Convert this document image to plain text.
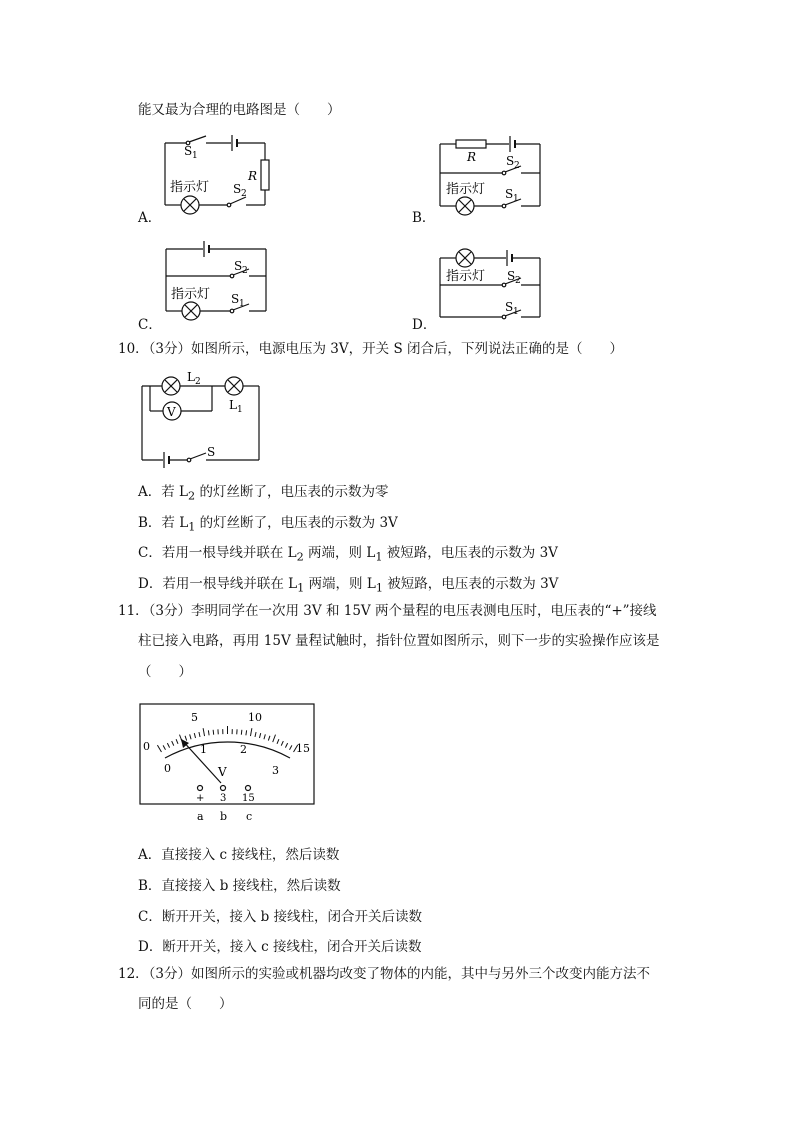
能又最为合理的电路图是（　　）
A．
S 1
R
指示灯 S 2
B．
R S 2
指示灯 S 1
C．
S 2
指示灯 S 1
D．
指示灯 S 2
S 1
10．（3分）如图所示，电源电压为 3V，开关 S 闭合后，下列说法正确的是（　　）
L 2
L 1
V
S
A．若 $L_2$ 的灯丝断了，电压表的示数为零
B．若 $L_1$ 的灯丝断了，电压表的示数为 3V
C．若用一根导线并联在 $L_2$ 两端，则 $L_1$ 被短路，电压表的示数为 3V
D．若用一根导线并联在 $L_1$ 两端，则 $L_1$ 被短路，电压表的示数为 3V
11．（3分）李明同学在一次用 3V 和 15V 两个量程的电压表测电压时，电压表的“+”接线
柱已接入电路，再用 15V 量程试触时，指针位置如图所示，则下一步的实验操作应该是
（　　）
0
5	10
15
0
1	2
3
V
+ 3 15
a b c
A．直接接入 c 接线柱，然后读数
B．直接接入 b 接线柱，然后读数
C．断开开关，接入 b 接线柱，闭合开关后读数
D．断开开关，接入 c 接线柱，闭合开关后读数
12．（3分）如图所示的实验或机器均改变了物体的内能，其中与另外三个改变内能方法不
同的是（　　）
